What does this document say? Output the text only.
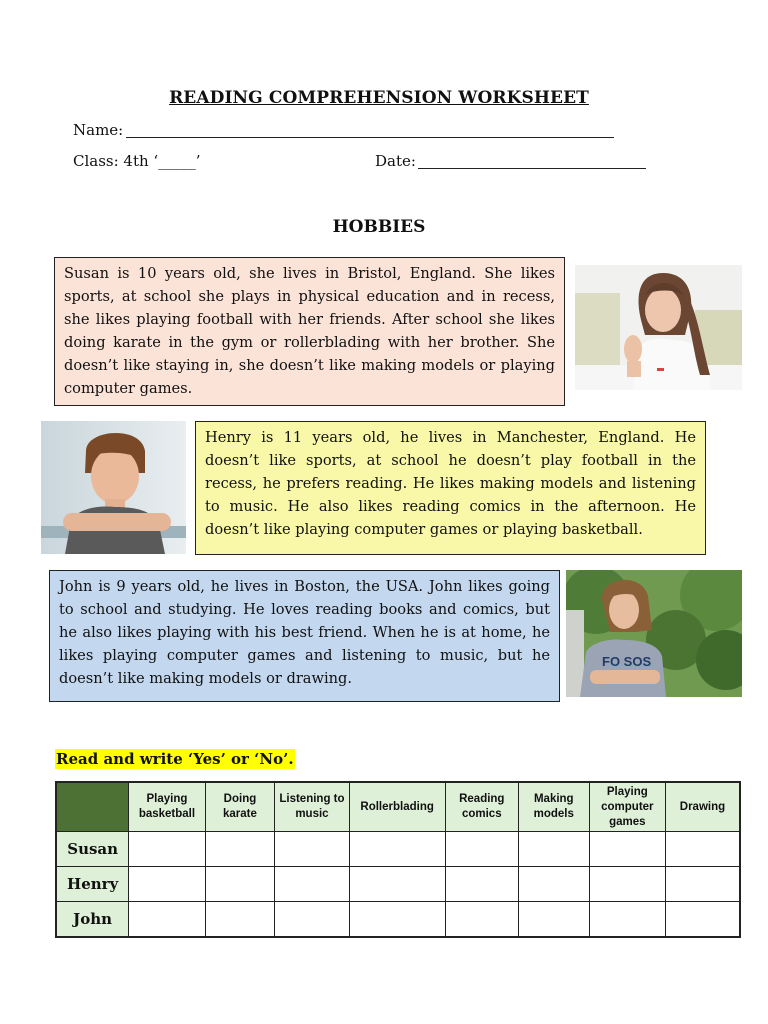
READING COMPREHENSION WORKSHEET
Name:
Class: 4th ‘_____’	Date:
HOBBIES
Susan is 10 years old, she lives in Bristol, England. She likes sports, at school she plays in physical education and in recess, she likes playing football with her friends. After school she likes doing karate in the gym or rollerblading with her brother. She doesn’t like staying in, she doesn’t like making models or playing computer games.
Henry is 11 years old, he lives in Manchester, England. He doesn’t like sports, at school he doesn’t play football in the recess, he prefers reading. He likes making models and listening to music. He also likes reading comics in the afternoon. He doesn’t like playing computer games or playing basketball.
John is 9 years old, he lives in Boston, the USA. John likes going to school and studying. He loves reading books and comics, but he also likes playing with his best friend. When he is at home, he likes playing computer games and listening to music, but he doesn’t like making models or drawing.
FO SOS
Read and write ‘Yes’ or ‘No’.
	Playing basketball	Doing karate	Listening to music	Rollerblading	Reading comics	Making models	Playing computer games	Drawing
Susan								
Henry								
John								
